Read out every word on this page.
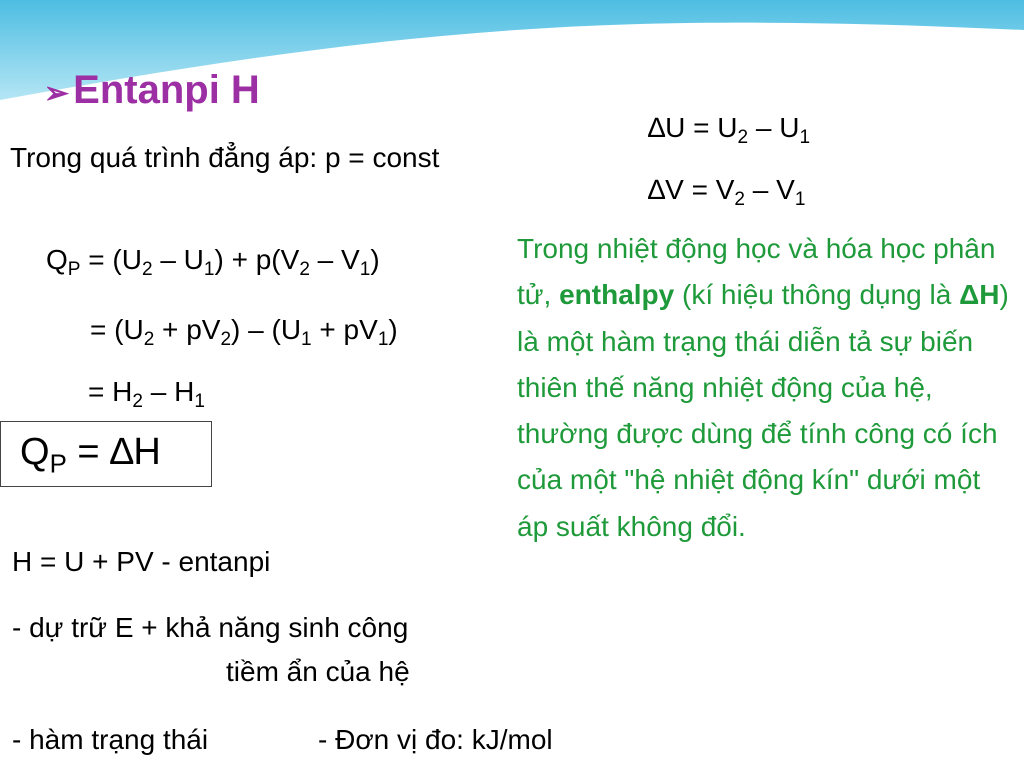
➢ Entanpi H
Trong quá trình đẳng áp: p = const
$\Delta U = U_2 - U_1$
$\Delta V = V_2 - V_1$
$Q_P = (U_2 - U_1) + p(V_2 - V_1)$
= $(U_2 + pV_2) - (U_1 + pV_1)$
= $H_2 - H_1$
$Q_P = \Delta H$
H = U + PV - entanpi
- dự trữ E + khả năng sinh công
tiềm ẩn của hệ
- hàm trạng thái	- Đơn vị đo: kJ/mol
Trong nhiệt động học và hóa học phân tử, enthalpy (kí hiệu thông dụng là ΔH) là một hàm trạng thái diễn tả sự biến thiên thế năng nhiệt động của hệ, thường được dùng để tính công có ích của một "hệ nhiệt động kín" dưới một áp suất không đổi.
